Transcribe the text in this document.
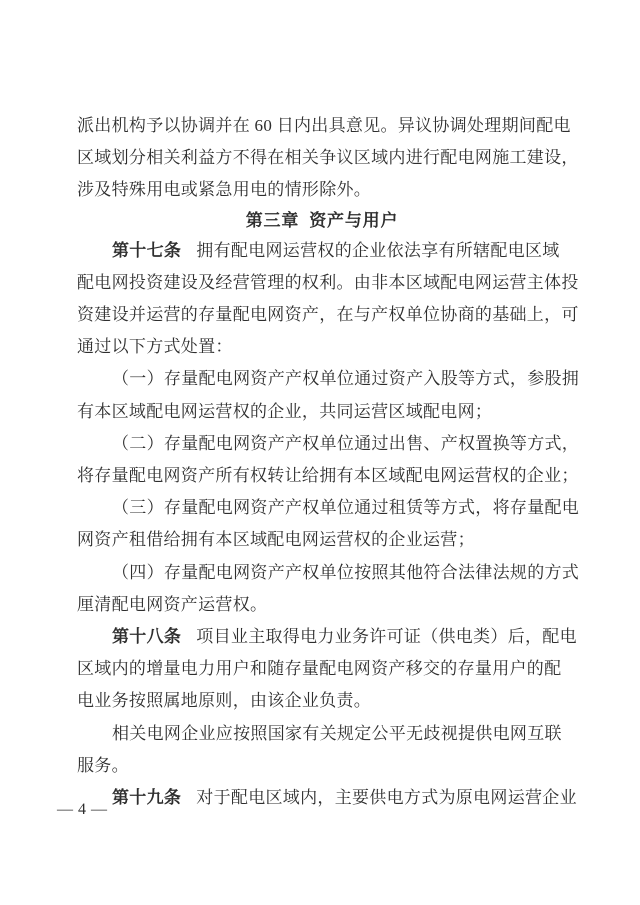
派出机构予以协调并在 60 日内出具意见。异议协调处理期间配电
区域划分相关利益方不得在相关争议区域内进行配电网施工建设，
涉及特殊用电或紧急用电的情形除外。
第三章  资产与用户
第十七条  拥有配电网运营权的企业依法享有所辖配电区域
配电网投资建设及经营管理的权利。由非本区域配电网运营主体投
资建设并运营的存量配电网资产，在与产权单位协商的基础上，可
通过以下方式处置：
（一）存量配电网资产产权单位通过资产入股等方式，参股拥
有本区域配电网运营权的企业，共同运营区域配电网；
（二）存量配电网资产产权单位通过出售、产权置换等方式，
将存量配电网资产所有权转让给拥有本区域配电网运营权的企业；
（三）存量配电网资产产权单位通过租赁等方式，将存量配电
网资产租借给拥有本区域配电网运营权的企业运营；
（四）存量配电网资产产权单位按照其他符合法律法规的方式
厘清配电网资产运营权。
第十八条  项目业主取得电力业务许可证（供电类）后，配电
区域内的增量电力用户和随存量配电网资产移交的存量用户的配
电业务按照属地原则，由该企业负责。
相关电网企业应按照国家有关规定公平无歧视提供电网互联
服务。
第十九条  对于配电区域内，主要供电方式为原电网运营企业
— 4 —
